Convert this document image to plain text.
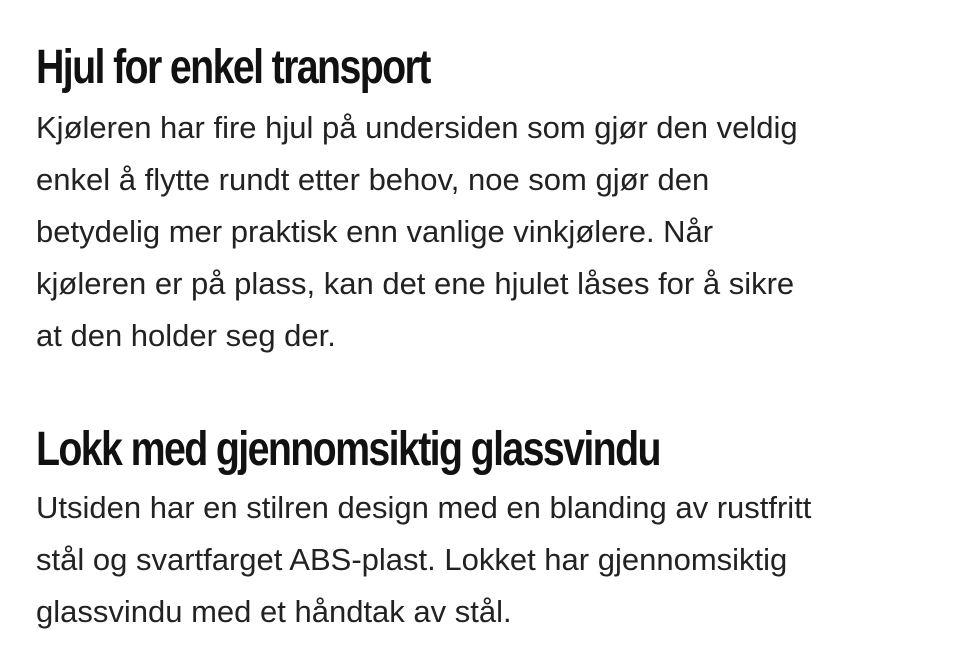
Hjul for enkel transport

Kjøleren har fire hjul på undersiden som gjør den veldig
enkel å flytte rundt etter behov, noe som gjør den
betydelig mer praktisk enn vanlige vinkjølere. Når
kjøleren er på plass, kan det ene hjulet låses for å sikre
at den holder seg der.

Lokk med gjennomsiktig glassvindu

Utsiden har en stilren design med en blanding av rustfritt
stål og svartfarget ABS-plast. Lokket har gjennomsiktig
glassvindu med et håndtak av stål.
